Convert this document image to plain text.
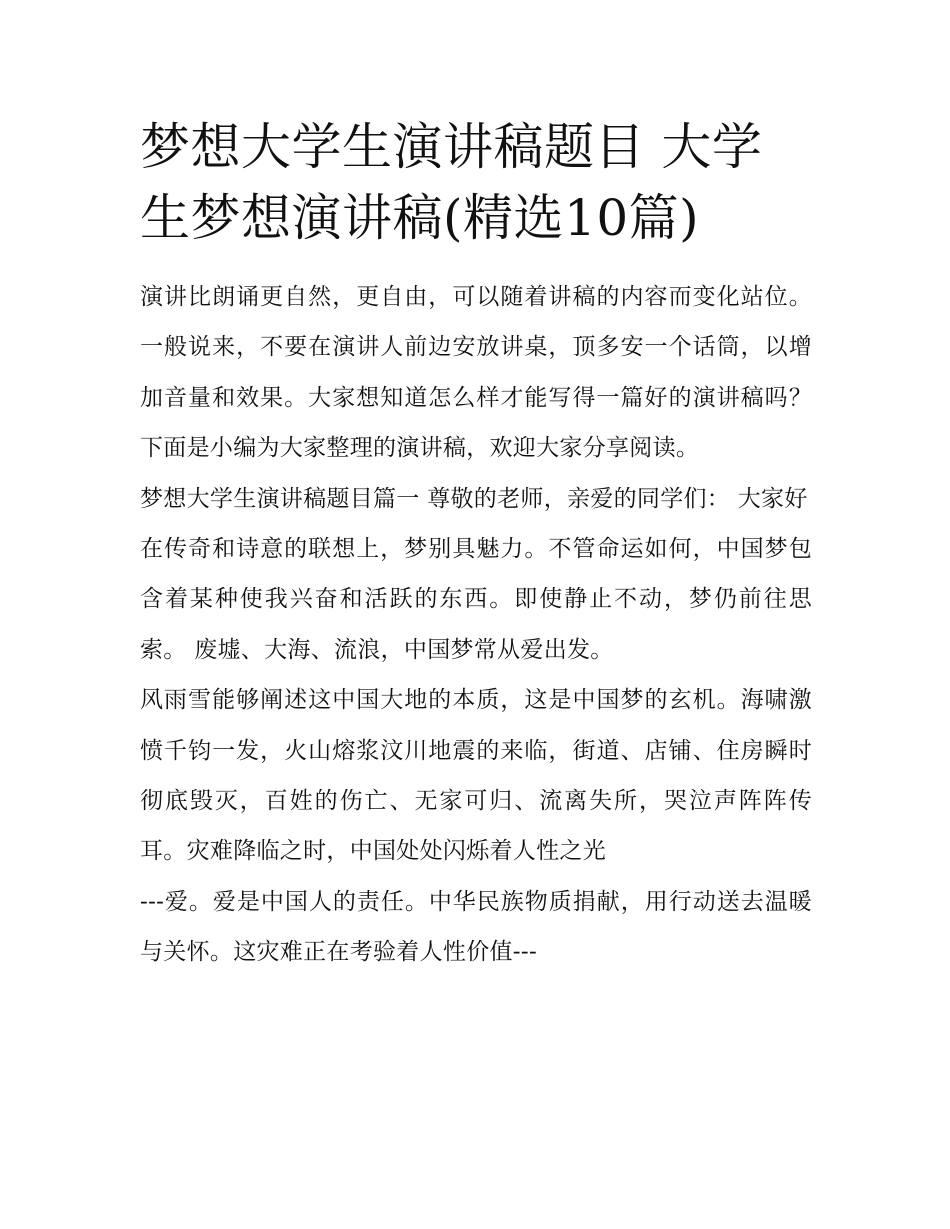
梦想大学生演讲稿题目 大学生梦想演讲稿(精选10篇)

演讲比朗诵更自然，更自由，可以随着讲稿的内容而变化站位。一般说来，不要在演讲人前边安放讲桌，顶多安一个话筒，以增加音量和效果。大家想知道怎么样才能写得一篇好的演讲稿吗？下面是小编为大家整理的演讲稿，欢迎大家分享阅读。

梦想大学生演讲稿题目篇一 尊敬的老师，亲爱的同学们： 大家好

在传奇和诗意的联想上，梦别具魅力。不管命运如何，中国梦包含着某种使我兴奋和活跃的东西。即使静止不动，梦仍前往思索。 废墟、大海、流浪，中国梦常从爱出发。

风雨雪能够阐述这中国大地的本质，这是中国梦的玄机。海啸激愤千钧一发，火山熔浆汶川地震的来临，街道、店铺、住房瞬时彻底毁灭，百姓的伤亡、无家可归、流离失所，哭泣声阵阵传耳。灾难降临之时，中国处处闪烁着人性之光

---爱。爱是中国人的责任。中华民族物质捐献，用行动送去温暖与关怀。这灾难正在考验着人性价值---
